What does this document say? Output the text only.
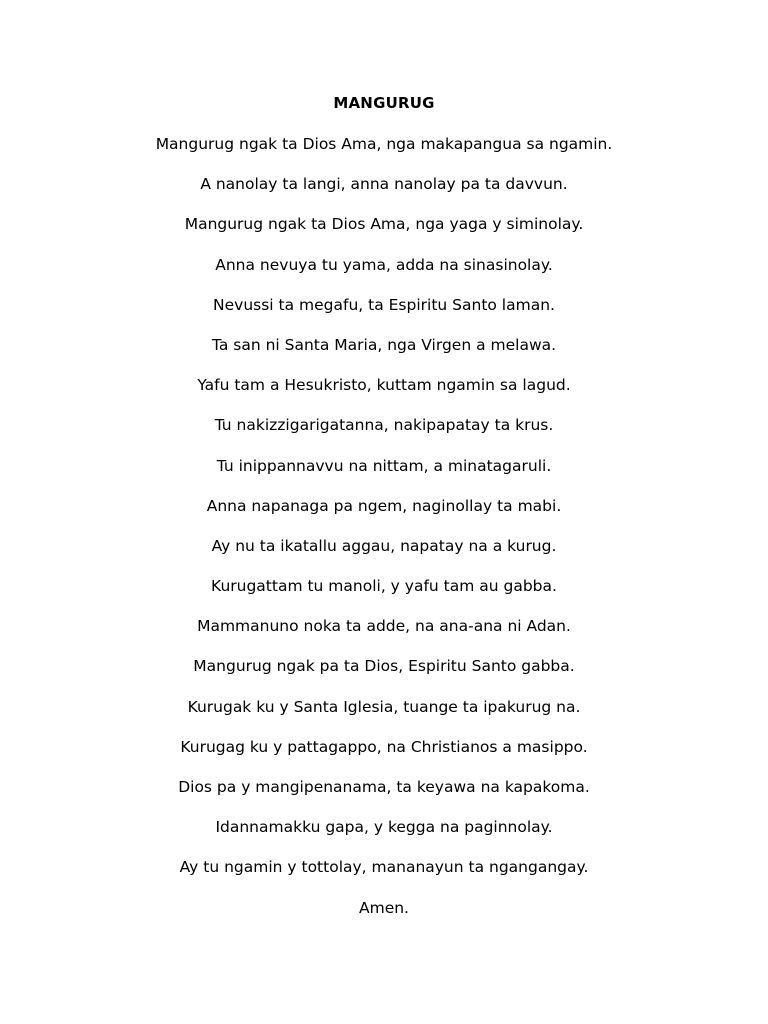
MANGURUG
Mangurug ngak ta Dios Ama, nga makapangua sa ngamin.
A nanolay ta langi, anna nanolay pa ta davvun.
Mangurug ngak ta Dios Ama, nga yaga y siminolay.
Anna nevuya tu yama, adda na sinasinolay.
Nevussi ta megafu, ta Espiritu Santo laman.
Ta san ni Santa Maria, nga Virgen a melawa.
Yafu tam a Hesukristo, kuttam ngamin sa lagud.
Tu nakizzigarigatanna, nakipapatay ta krus.
Tu inippannavvu na nittam, a minatagaruli.
Anna napanaga pa ngem, naginollay ta mabi.
Ay nu ta ikatallu aggau, napatay na a kurug.
Kurugattam tu manoli, y yafu tam au gabba.
Mammanuno noka ta adde, na ana-ana ni Adan.
Mangurug ngak pa ta Dios, Espiritu Santo gabba.
Kurugak ku y Santa Iglesia, tuange ta ipakurug na.
Kurugag ku y pattagappo, na Christianos a masippo.
Dios pa y mangipenanama, ta keyawa na kapakoma.
Idannamakku gapa, y kegga na paginnolay.
Ay tu ngamin y tottolay, mananayun ta ngangangay.
Amen.
